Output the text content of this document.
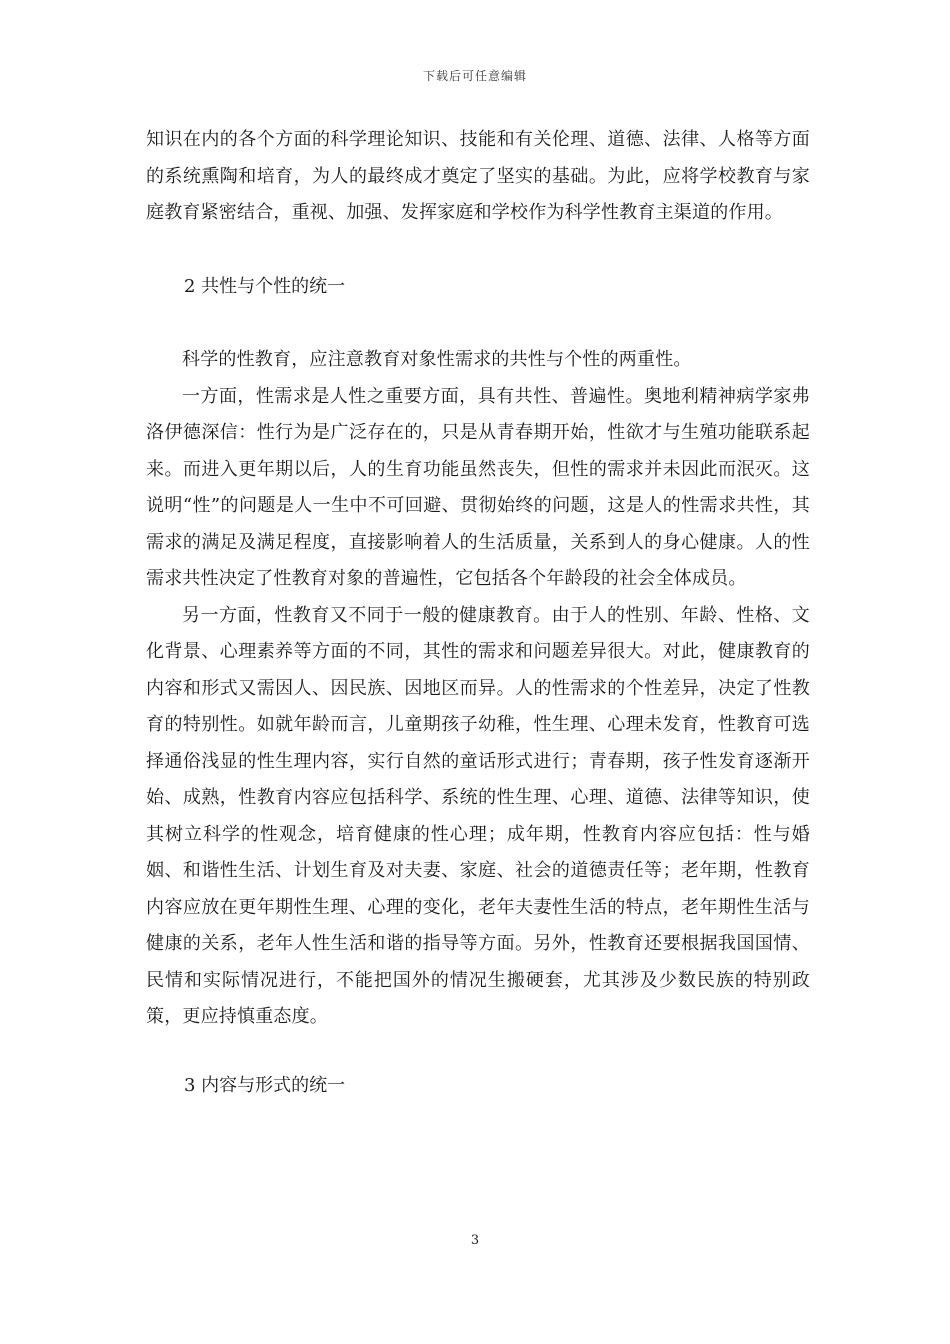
下载后可任意编辑

知识在内的各个方面的科学理论知识、技能和有关伦理、道德、法律、人格等方面的系统熏陶和培育，为人的最终成才奠定了坚实的基础。为此，应将学校教育与家庭教育紧密结合，重视、加强、发挥家庭和学校作为科学性教育主渠道的作用。

2 共性与个性的统一

科学的性教育，应注意教育对象性需求的共性与个性的两重性。

一方面，性需求是人性之重要方面，具有共性、普遍性。奥地利精神病学家弗洛伊德深信：性行为是广泛存在的，只是从青春期开始，性欲才与生殖功能联系起来。而进入更年期以后，人的生育功能虽然丧失，但性的需求并未因此而泯灭。这说明“性”的问题是人一生中不可回避、贯彻始终的问题，这是人的性需求共性，其需求的满足及满足程度，直接影响着人的生活质量，关系到人的身心健康。人的性需求共性决定了性教育对象的普遍性，它包括各个年龄段的社会全体成员。

另一方面，性教育又不同于一般的健康教育。由于人的性别、年龄、性格、文化背景、心理素养等方面的不同，其性的需求和问题差异很大。对此，健康教育的内容和形式又需因人、因民族、因地区而异。人的性需求的个性差异，决定了性教育的特别性。如就年龄而言，儿童期孩子幼稚，性生理、心理未发育，性教育可选择通俗浅显的性生理内容，实行自然的童话形式进行；青春期，孩子性发育逐渐开始、成熟，性教育内容应包括科学、系统的性生理、心理、道德、法律等知识，使其树立科学的性观念，培育健康的性心理；成年期，性教育内容应包括：性与婚姻、和谐性生活、计划生育及对夫妻、家庭、社会的道德责任等；老年期，性教育内容应放在更年期性生理、心理的变化，老年夫妻性生活的特点，老年期性生活与健康的关系，老年人性生活和谐的指导等方面。另外，性教育还要根据我国国情、民情和实际情况进行，不能把国外的情况生搬硬套，尤其涉及少数民族的特别政策，更应持慎重态度。

3 内容与形式的统一

3
